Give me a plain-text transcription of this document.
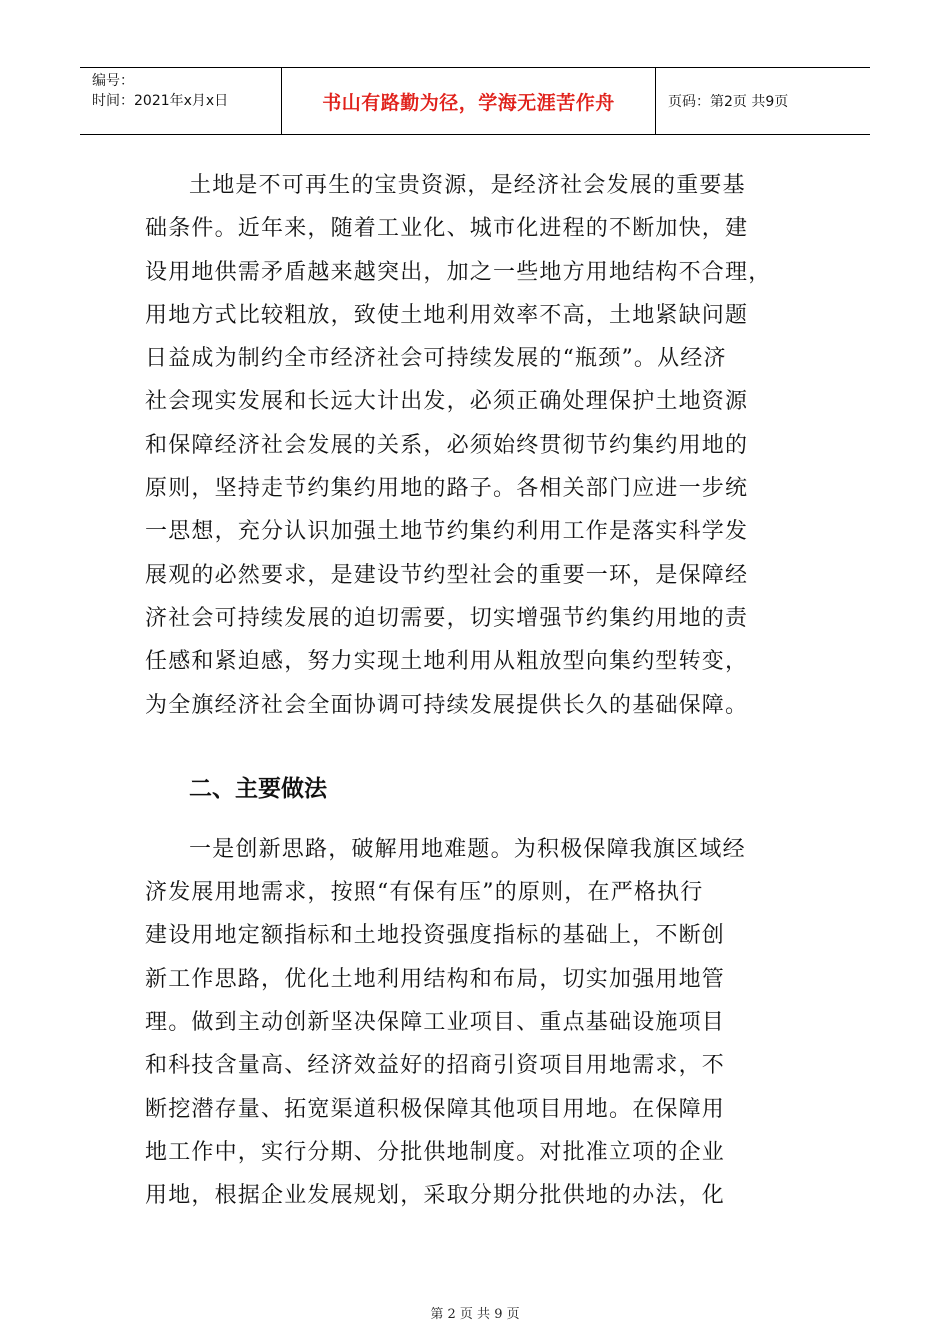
编号：
时间：2021年x月x日	书山有路勤为径，学海无涯苦作舟	页码：第2页 共9页
土地是不可再生的宝贵资源，是经济社会发展的重要基
础条件。近年来，随着工业化、城市化进程的不断加快，建
设用地供需矛盾越来越突出，加之一些地方用地结构不合理，
用地方式比较粗放，致使土地利用效率不高，土地紧缺问题
日益成为制约全市经济社会可持续发展的“瓶颈”。从经济
社会现实发展和长远大计出发，必须正确处理保护土地资源
和保障经济社会发展的关系，必须始终贯彻节约集约用地的
原则，坚持走节约集约用地的路子。各相关部门应进一步统
一思想，充分认识加强土地节约集约利用工作是落实科学发
展观的必然要求，是建设节约型社会的重要一环，是保障经
济社会可持续发展的迫切需要，切实增强节约集约用地的责
任感和紧迫感，努力实现土地利用从粗放型向集约型转变，
为全旗经济社会全面协调可持续发展提供长久的基础保障。
二、主要做法
一是创新思路，破解用地难题。为积极保障我旗区域经
济发展用地需求，按照“有保有压”的原则，在严格执行
建设用地定额指标和土地投资强度指标的基础上，不断创
新工作思路，优化土地利用结构和布局，切实加强用地管
理。做到主动创新坚决保障工业项目、重点基础设施项目
和科技含量高、经济效益好的招商引资项目用地需求，不
断挖潜存量、拓宽渠道积极保障其他项目用地。在保障用
地工作中，实行分期、分批供地制度。对批准立项的企业
用地，根据企业发展规划，采取分期分批供地的办法，化
第 2 页 共 9 页
